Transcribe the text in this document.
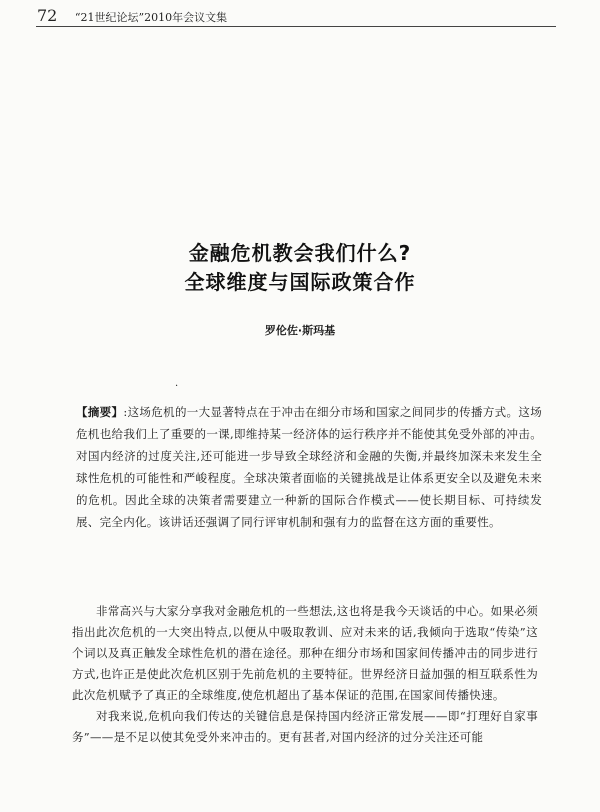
72 “21世纪论坛”2010年会议文集
金融危机教会我们什么?
全球维度与国际政策合作
罗伦佐·斯玛基
.
【摘要】:这场危机的一大显著特点在于冲击在细分市场和国家之间同步的传播方式。这场危机也给我们上了重要的一课,即维持某一经济体的运行秩序并不能使其免受外部的冲击。对国内经济的过度关注,还可能进一步导致全球经济和金融的失衡,并最终加深未来发生全球性危机的可能性和严峻程度。全球决策者面临的关键挑战是让体系更安全以及避免未来的危机。因此全球的决策者需要建立一种新的国际合作模式——使长期目标、可持续发展、完全内化。该讲话还强调了同行评审机制和强有力的监督在这方面的重要性。

非常高兴与大家分享我对金融危机的一些想法,这也将是我今天谈话的中心。如果必须指出此次危机的一大突出特点,以便从中吸取教训、应对未来的话,我倾向于选取“传染”这个词以及真正触发全球性危机的潜在途径。那种在细分市场和国家间传播冲击的同步进行方式,也许正是使此次危机区别于先前危机的主要特征。世界经济日益加强的相互联系性为此次危机赋予了真正的全球维度,使危机超出了基本保证的范围,在国家间传播快速。

对我来说,危机向我们传达的关键信息是保持国内经济正常发展——即“打理好自家事务”——是不足以使其免受外来冲击的。更有甚者,对国内经济的过分关注还可能
